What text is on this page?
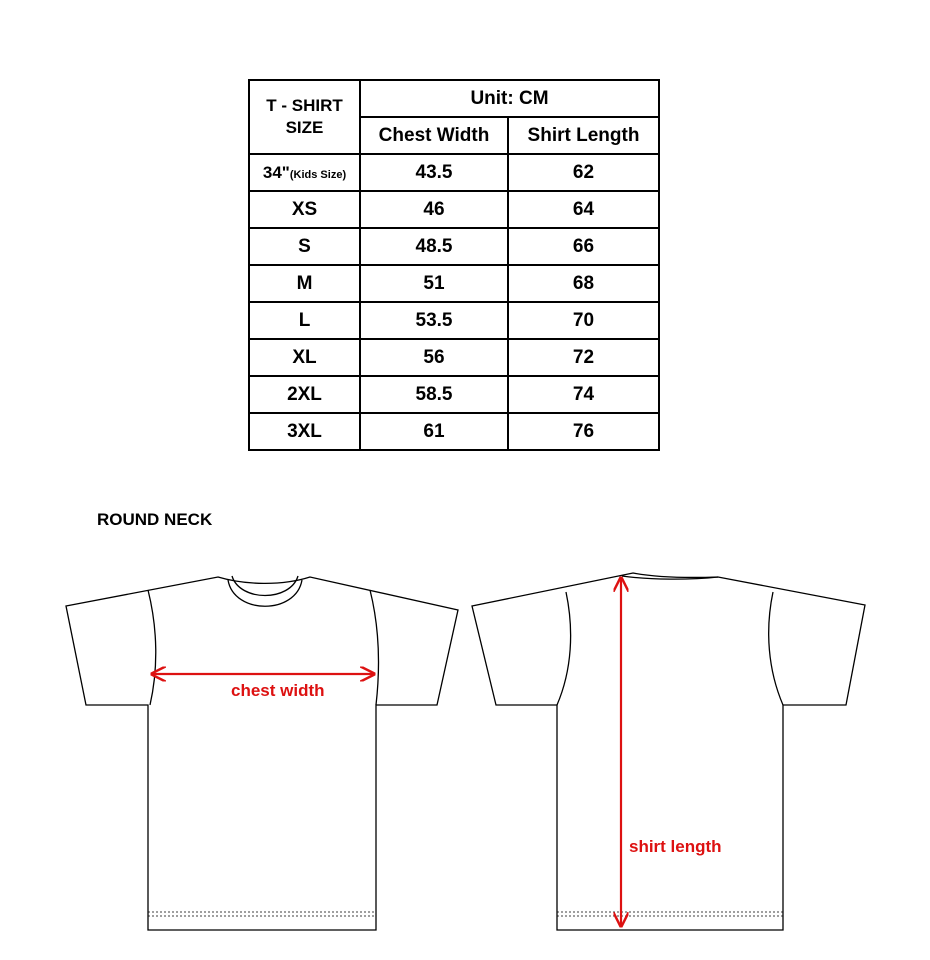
T - SHIRT
SIZE	Unit: CM	
	Chest Width	Shirt Length
34"(Kids Size)	43.5	62
XS	46	64
S	48.5	66
M	51	68
L	53.5	70
XL	56	72
2XL	58.5	74
3XL	61	76
ROUND NECK
chest width
shirt length
